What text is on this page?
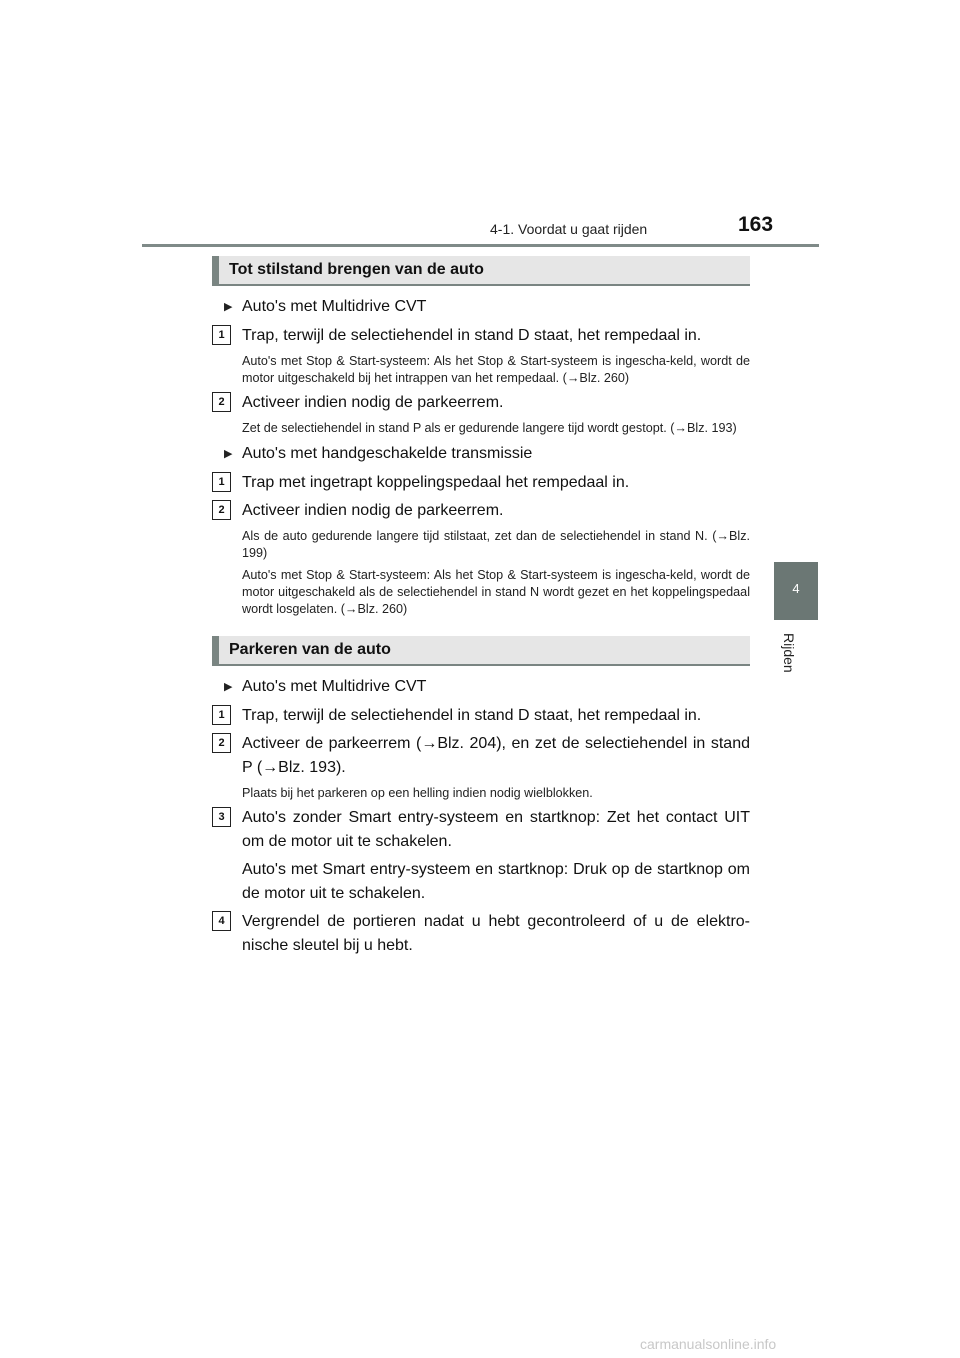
4-1. Voordat u gaat rijden	163
4
Rijden
Tot stilstand brengen van de auto
▶ Auto's met Multidrive CVT
1	Trap, terwijl de selectiehendel in stand D staat, het rempedaal in.
Auto's met Stop & Start-systeem: Als het Stop & Start-systeem is ingescha-keld, wordt de motor uitgeschakeld bij het intrappen van het rempedaal. (→Blz. 260)
2	Activeer indien nodig de parkeerrem.
Zet de selectiehendel in stand P als er gedurende langere tijd wordt gestopt. (→Blz. 193)
▶ Auto's met handgeschakelde transmissie
1	Trap met ingetrapt koppelingspedaal het rempedaal in.
2	Activeer indien nodig de parkeerrem.
Als de auto gedurende langere tijd stilstaat, zet dan de selectiehendel in stand N. (→Blz. 199)
Auto's met Stop & Start-systeem: Als het Stop & Start-systeem is ingescha-keld, wordt de motor uitgeschakeld als de selectiehendel in stand N wordt gezet en het koppelingspedaal wordt losgelaten. (→Blz. 260)
Parkeren van de auto
▶ Auto's met Multidrive CVT
1	Trap, terwijl de selectiehendel in stand D staat, het rempedaal in.
2	Activeer de parkeerrem (→Blz. 204), en zet de selectiehendel in stand P (→Blz. 193).
Plaats bij het parkeren op een helling indien nodig wielblokken.
3	Auto's zonder Smart entry-systeem en startknop: Zet het contact UIT om de motor uit te schakelen.
Auto's met Smart entry-systeem en startknop: Druk op de startknop om de motor uit te schakelen.
4	Vergrendel de portieren nadat u hebt gecontroleerd of u de elektro-nische sleutel bij u hebt.
carmanualsonline.info
